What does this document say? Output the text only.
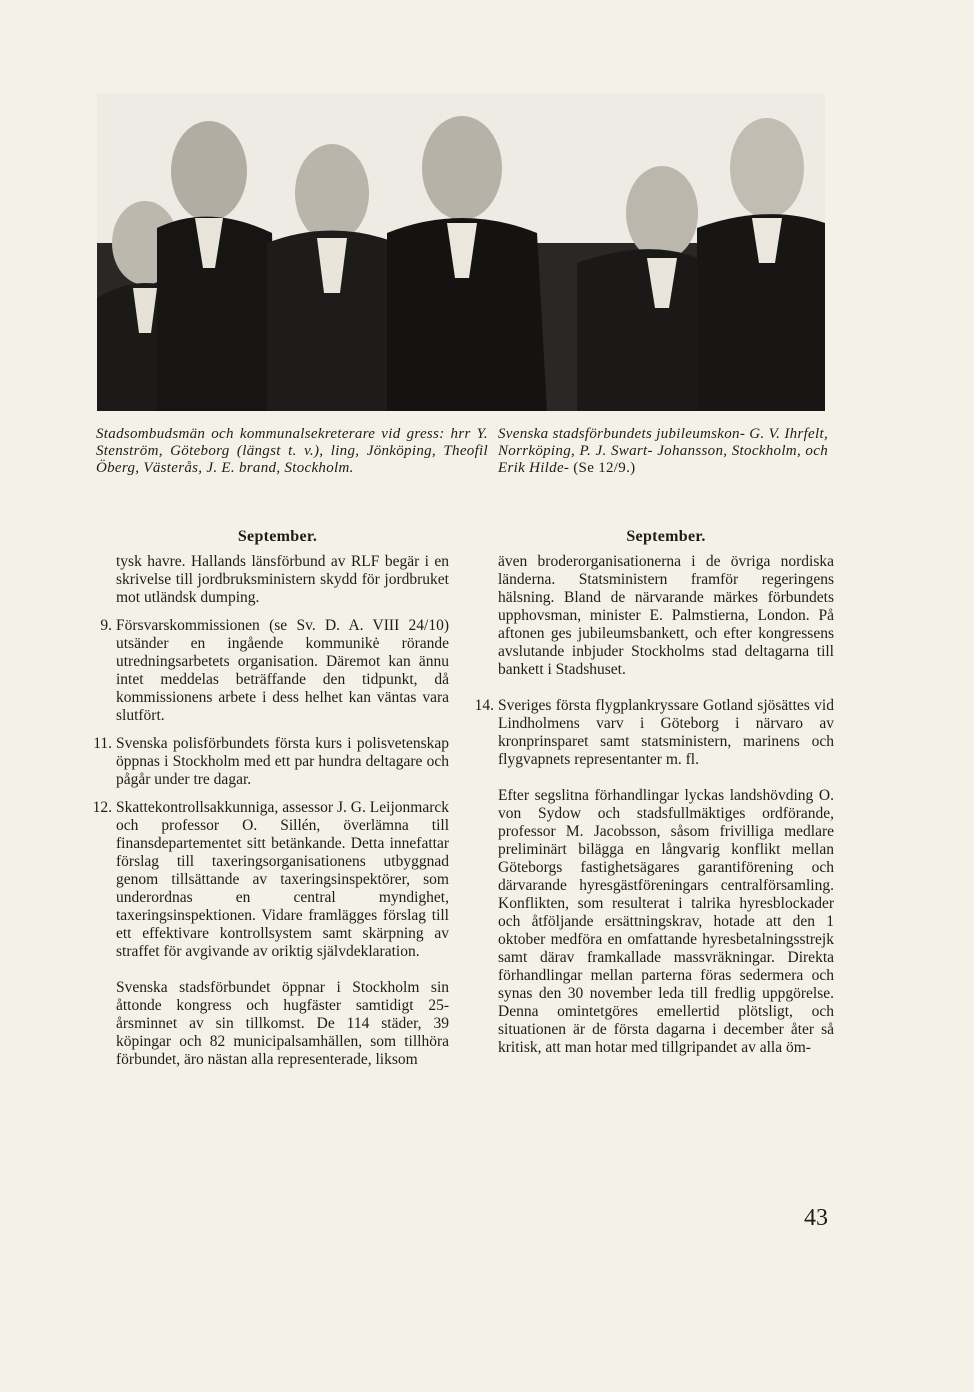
Stadsombudsmän och kommunalsekreterare vid gress: hrr Y. Stenström, Göteborg (längst t. v.), ling, Jönköping, Theofil Öberg, Västerås, J. E. brand, Stockholm.
Svenska stadsförbundets jubileumskon- G. V. Ihrfelt, Norrköping, P. J. Swart- Johansson, Stockholm, och Erik Hilde- (Se 12/9.)
September.
tysk havre. Hallands länsförbund av RLF begär i en skrivelse till jordbruksministern skydd för jordbruket mot utländsk dumping.
9. Försvarskommissionen (se Sv. D. A. VIII 24/10) utsänder en ingående kommunikė rörande utredningsarbetets organisation. Däremot kan ännu intet meddelas beträffande den tidpunkt, då kommissionens arbete i dess helhet kan väntas vara slutfört.
11. Svenska polisförbundets första kurs i polisvetenskap öppnas i Stockholm med ett par hundra deltagare och pågår under tre dagar.
12. Skattekontrollsakkunniga, assessor J. G. Leijonmarck och professor O. Sillén, överlämna till finansdepartementet sitt betänkande. Detta innefattar förslag till taxeringsorganisationens utbyggnad genom tillsättande av taxeringsinspektörer, som underordnas en central myndighet, taxeringsinspektionen. Vidare framlägges förslag till ett effektivare kontrollsystem samt skärpning av straffet för avgivande av oriktig självdeklaration.
Svenska stadsförbundet öppnar i Stockholm sin åttonde kongress och hugfäster samtidigt 25-årsminnet av sin tillkomst. De 114 städer, 39 köpingar och 82 municipalsamhällen, som tillhöra förbundet, äro nästan alla representerade, liksom
September.
även broderorganisationerna i de övriga nordiska länderna. Statsministern framför regeringens hälsning. Bland de närvarande märkes förbundets upphovsman, minister E. Palmstierna, London. På aftonen ges jubileumsbankett, och efter kongressens avslutande inbjuder Stockholms stad deltagarna till bankett i Stadshuset.
14. Sveriges första flygplankryssare Gotland sjösättes vid Lindholmens varv i Göteborg i närvaro av kronprinsparet samt statsministern, marinens och flygvapnets representanter m. fl.
Efter segslitna förhandlingar lyckas landshövding O. von Sydow och stadsfullmäktiges ordförande, professor M. Jacobsson, såsom frivilliga medlare preliminärt bilägga en långvarig konflikt mellan Göteborgs fastighetsägares garantiförening och därvarande hyresgästföreningars centralförsamling. Konflikten, som resulterat i talrika hyresblockader och åtföljande ersättningskrav, hotade att den 1 oktober medföra en omfattande hyresbetalningsstrejk samt därav framkallade massvräkningar. Direkta förhandlingar mellan parterna föras sedermera och synas den 30 november leda till fredlig uppgörelse. Denna omintetgöres emellertid plötsligt, och situationen är de första dagarna i december åter så kritisk, att man hotar med tillgripandet av alla öm-
43
